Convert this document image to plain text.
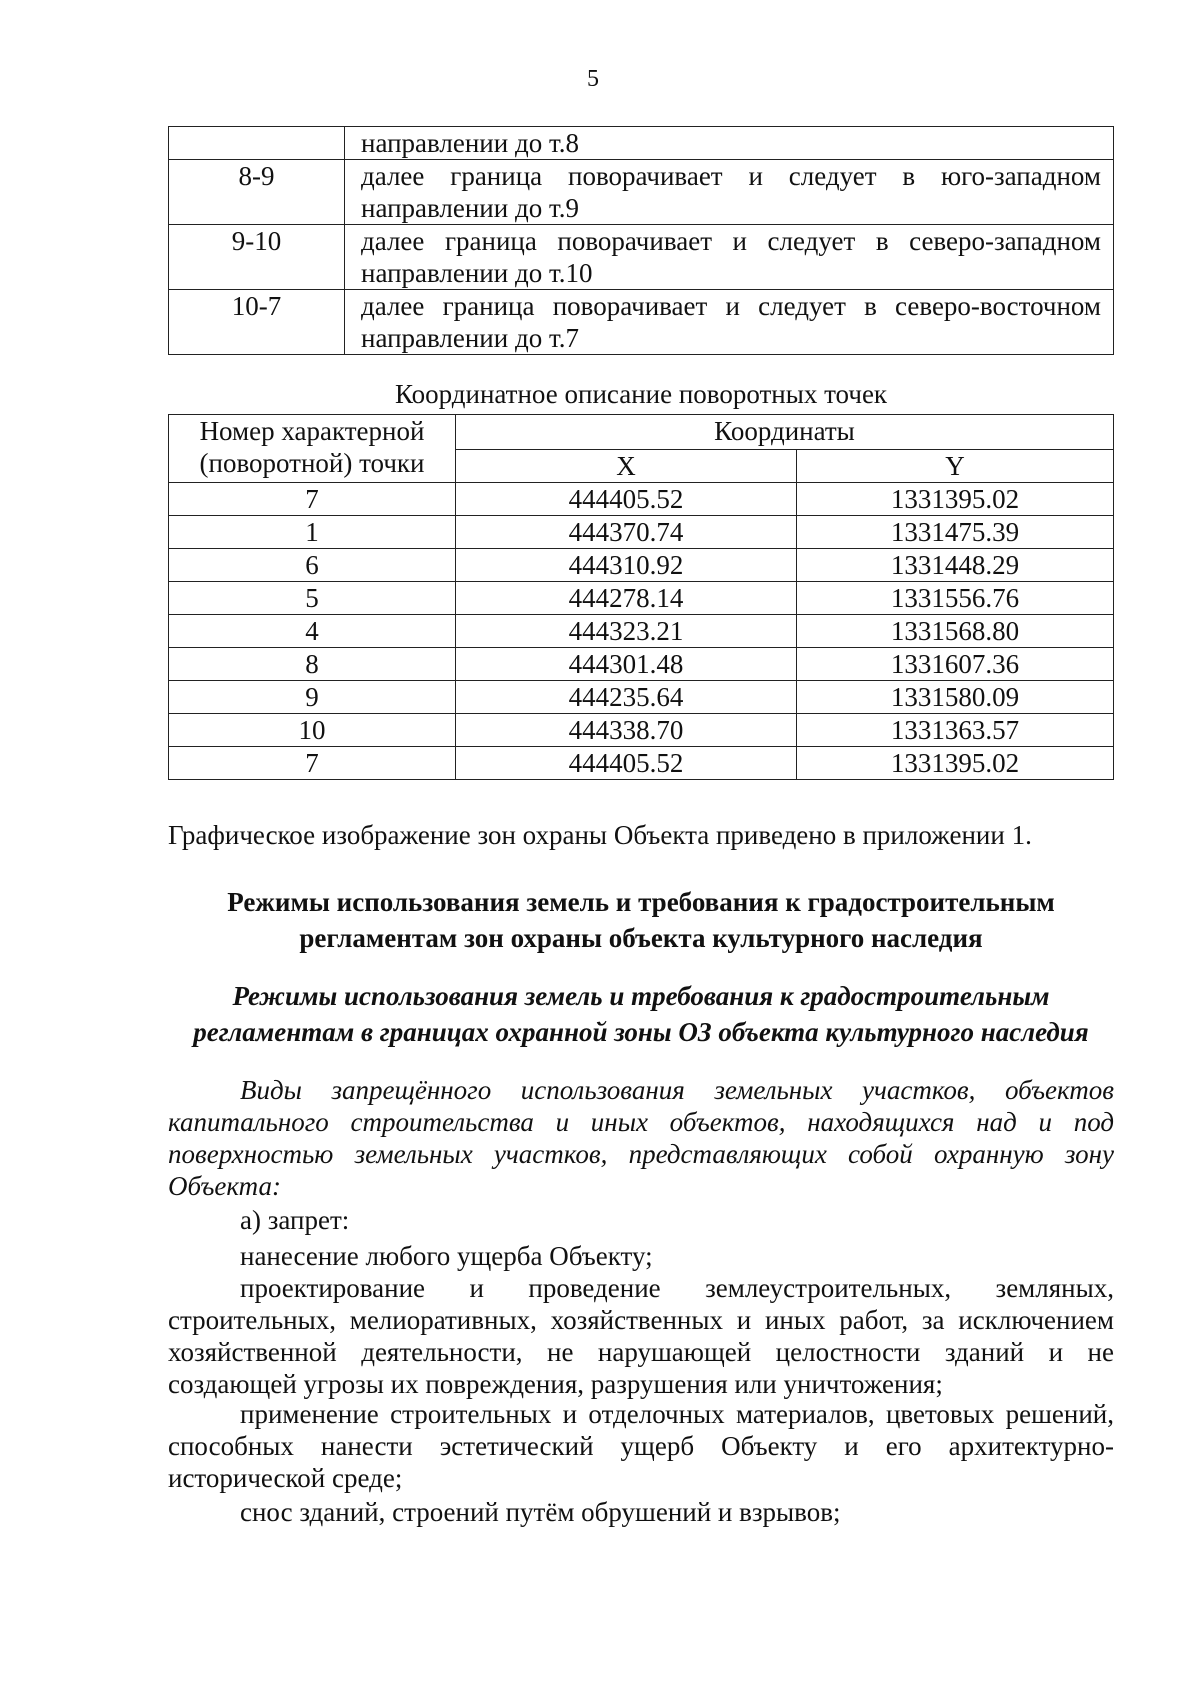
5
	направлении до т.8
8-9	далее граница поворачивает и следует в юго-западном направлении до т.9
9-10	далее граница поворачивает и следует в северо-западном направлении до т.10
10-7	далее граница поворачивает и следует в северо-восточном направлении до т.7
Координатное описание поворотных точек
Номер характерной (поворотной) точки	Координаты	
	X	Y
7	444405.52	1331395.02
1	444370.74	1331475.39
6	444310.92	1331448.29
5	444278.14	1331556.76
4	444323.21	1331568.80
8	444301.48	1331607.36
9	444235.64	1331580.09
10	444338.70	1331363.57
7	444405.52	1331395.02
Графическое изображение зон охраны Объекта приведено в приложении 1.
Режимы использования земель и требования к градостроительным регламентам зон охраны объекта культурного наследия
Режимы использования земель и требования к градостроительным регламентам в границах охранной зоны ОЗ объекта культурного наследия
Виды запрещённого использования земельных участков, объектов капитального строительства и иных объектов, находящихся над и под поверхностью земельных участков, представляющих собой охранную зону Объекта:
а) запрет:
нанесение любого ущерба Объекту;
проектирование и проведение землеустроительных, земляных, строительных, мелиоративных, хозяйственных и иных работ, за исключением хозяйственной деятельности, не нарушающей целостности зданий и не создающей угрозы их повреждения, разрушения или уничтожения;
применение строительных и отделочных материалов, цветовых решений, способных нанести эстетический ущерб Объекту и его архитектурно-исторической среде;
снос зданий, строений путём обрушений и взрывов;
